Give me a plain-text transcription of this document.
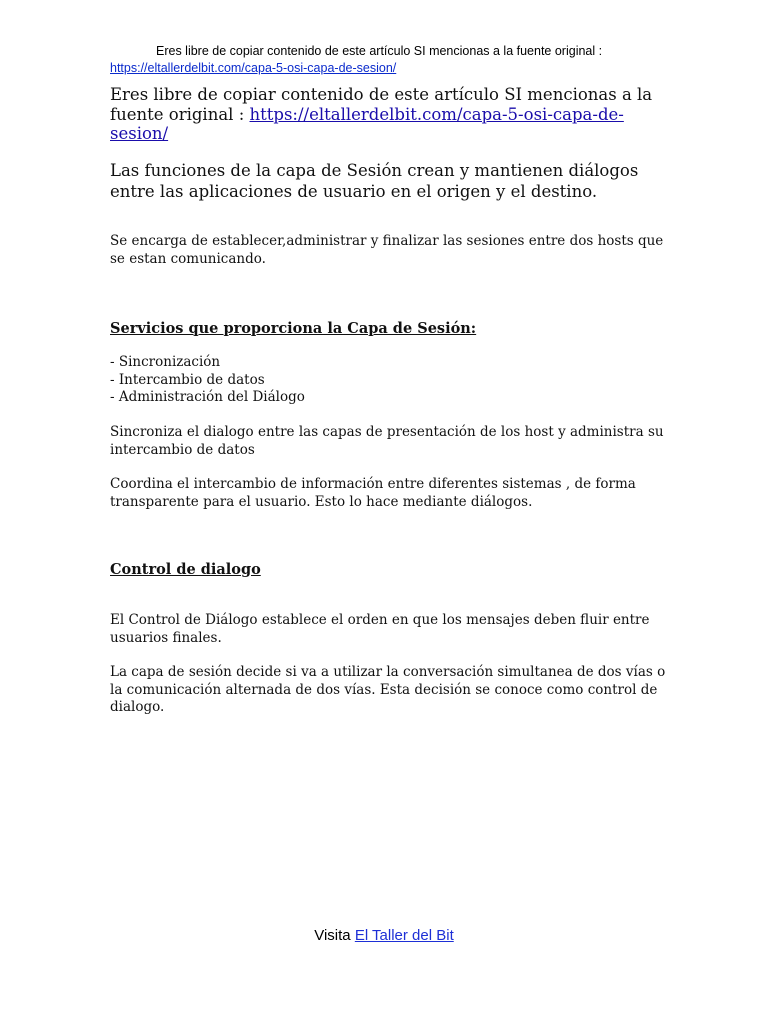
Eres libre de copiar contenido de este artículo SI mencionas a la fuente original :
https://eltallerdelbit.com/capa-5-osi-capa-de-sesion/
Eres libre de copiar contenido de este artículo SI mencionas a la fuente original : https://eltallerdelbit.com/capa-5-osi-capa-de-sesion/
Las funciones de la capa de Sesión crean y mantienen diálogos entre las aplicaciones de usuario en el origen y el destino.
Se encarga de establecer,administrar y finalizar las sesiones entre dos hosts que se estan comunicando.
Servicios que proporciona la Capa de Sesión:
- Sincronización
- Intercambio de datos
- Administración del Diálogo
Sincroniza el dialogo entre las capas de presentación de los host y administra su intercambio de datos
Coordina el intercambio de información entre diferentes sistemas , de forma transparente para el usuario. Esto lo hace mediante diálogos.
Control de dialogo
El Control de Diálogo establece el orden en que los mensajes deben fluir entre usuarios finales.
La capa de sesión decide si va a utilizar la conversación simultanea de dos vías o la comunicación alternada de dos vías. Esta decisión se conoce como control de dialogo.
Visita El Taller del Bit
